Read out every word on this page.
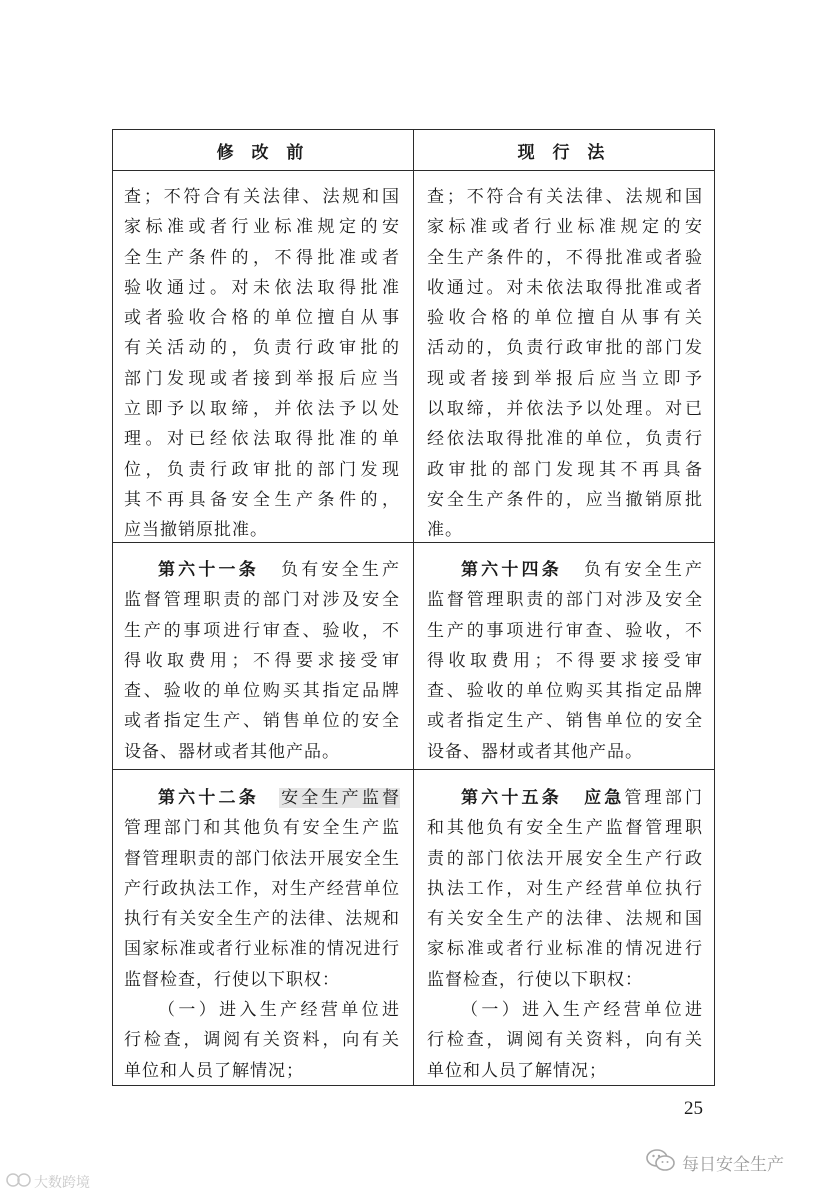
修 改 前	现 行 法
查；不符合有关法律、法规和国
家标准或者行业标准规定的安
全生产条件的，不得批准或者
验收通过。对未依法取得批准
或者验收合格的单位擅自从事
有关活动的，负责行政审批的
部门发现或者接到举报后应当
立即予以取缔，并依法予以处
理。对已经依法取得批准的单
位，负责行政审批的部门发现
其不再具备安全生产条件的，
应当撤销原批准。
查；不符合有关法律、法规和国
家标准或者行业标准规定的安
全生产条件的，不得批准或者验
收通过。对未依法取得批准或者
验收合格的单位擅自从事有关
活动的，负责行政审批的部门发
现或者接到举报后应当立即予
以取缔，并依法予以处理。对已
经依法取得批准的单位，负责行
政审批的部门发现其不再具备
安全生产条件的，应当撤销原批
准。
第六十一条 负有安全生产
监督管理职责的部门对涉及安全
生产的事项进行审查、验收，不
得收取费用；不得要求接受审
查、验收的单位购买其指定品牌
或者指定生产、销售单位的安全
设备、器材或者其他产品。
第六十四条 负有安全生产
监督管理职责的部门对涉及安全
生产的事项进行审查、验收，不
得收取费用；不得要求接受审
查、验收的单位购买其指定品牌
或者指定生产、销售单位的安全
设备、器材或者其他产品。
第六十二条 安全生产监督
管理部门和其他负有安全生产监
督管理职责的部门依法开展安全生
产行政执法工作，对生产经营单位
执行有关安全生产的法律、法规和
国家标准或者行业标准的情况进行
监督检查，行使以下职权：
（一）进入生产经营单位进
行检查，调阅有关资料，向有关
单位和人员了解情况；
第六十五条 应急管理部门
和其他负有安全生产监督管理职
责的部门依法开展安全生产行政
执法工作，对生产经营单位执行
有关安全生产的法律、法规和国
家标准或者行业标准的情况进行
监督检查，行使以下职权：
（一）进入生产经营单位进
行检查，调阅有关资料，向有关
单位和人员了解情况；
25
每日安全生产
大数跨境
